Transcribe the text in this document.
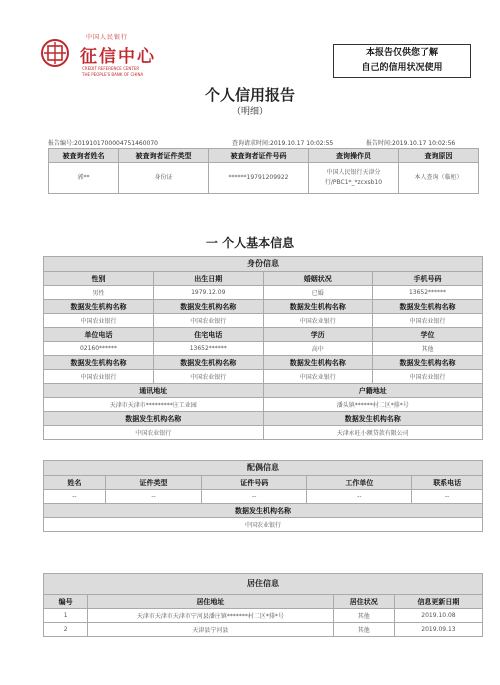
中国人民银行
征信中心
CREDIT REFERENCE CENTER
THE PEOPLE'S BANK OF CHINA
本报告仅供您了解
自己的信用状况使用
个人信用报告
（明细）
报告编号:2019101700004751460070	查询请求时间:2019.10.17 10:02:55	报告时间:2019.10.17 10:02:56
被查询者姓名	被查询者证件类型	被查询者证件号码	查询操作员	查询原因
郭**	身份证	******19791209922	中国人民银行天津分行/PBC1*_*zcxsb10	本人查询（临柜）
一 个人基本信息
身份信息
性别	出生日期	婚姻状况	手机号码
男性	1979.12.09	已婚	13652******
数据发生机构名称	数据发生机构名称	数据发生机构名称	数据发生机构名称
中国农业银行	中国农业银行	中国农业银行	中国农业银行
单位电话	住宅电话	学历	学位
02160******	13652******	高中	其他
数据发生机构名称	数据发生机构名称	数据发生机构名称	数据发生机构名称
中国农业银行	中国农业银行	中国农业银行	中国农业银行
通讯地址		户籍地址	
天津市天津市*********庄工业园		潘头镇******村二区*排*号	
数据发生机构名称		数据发生机构名称	
中国农业银行		天津永旺小额贷款有限公司	
配偶信息
姓名	证件类型	证件号码	工作单位	联系电话
--	--	--	--	--
数据发生机构名称				
中国农业银行				
居住信息
编号	居住地址	居住状况	信息更新日期
1	天津市天津市天津市宁河县潘庄镇*******村二区*排*号	其他	2019.10.08
2	天津县宁河县	其他	2019.09.13
